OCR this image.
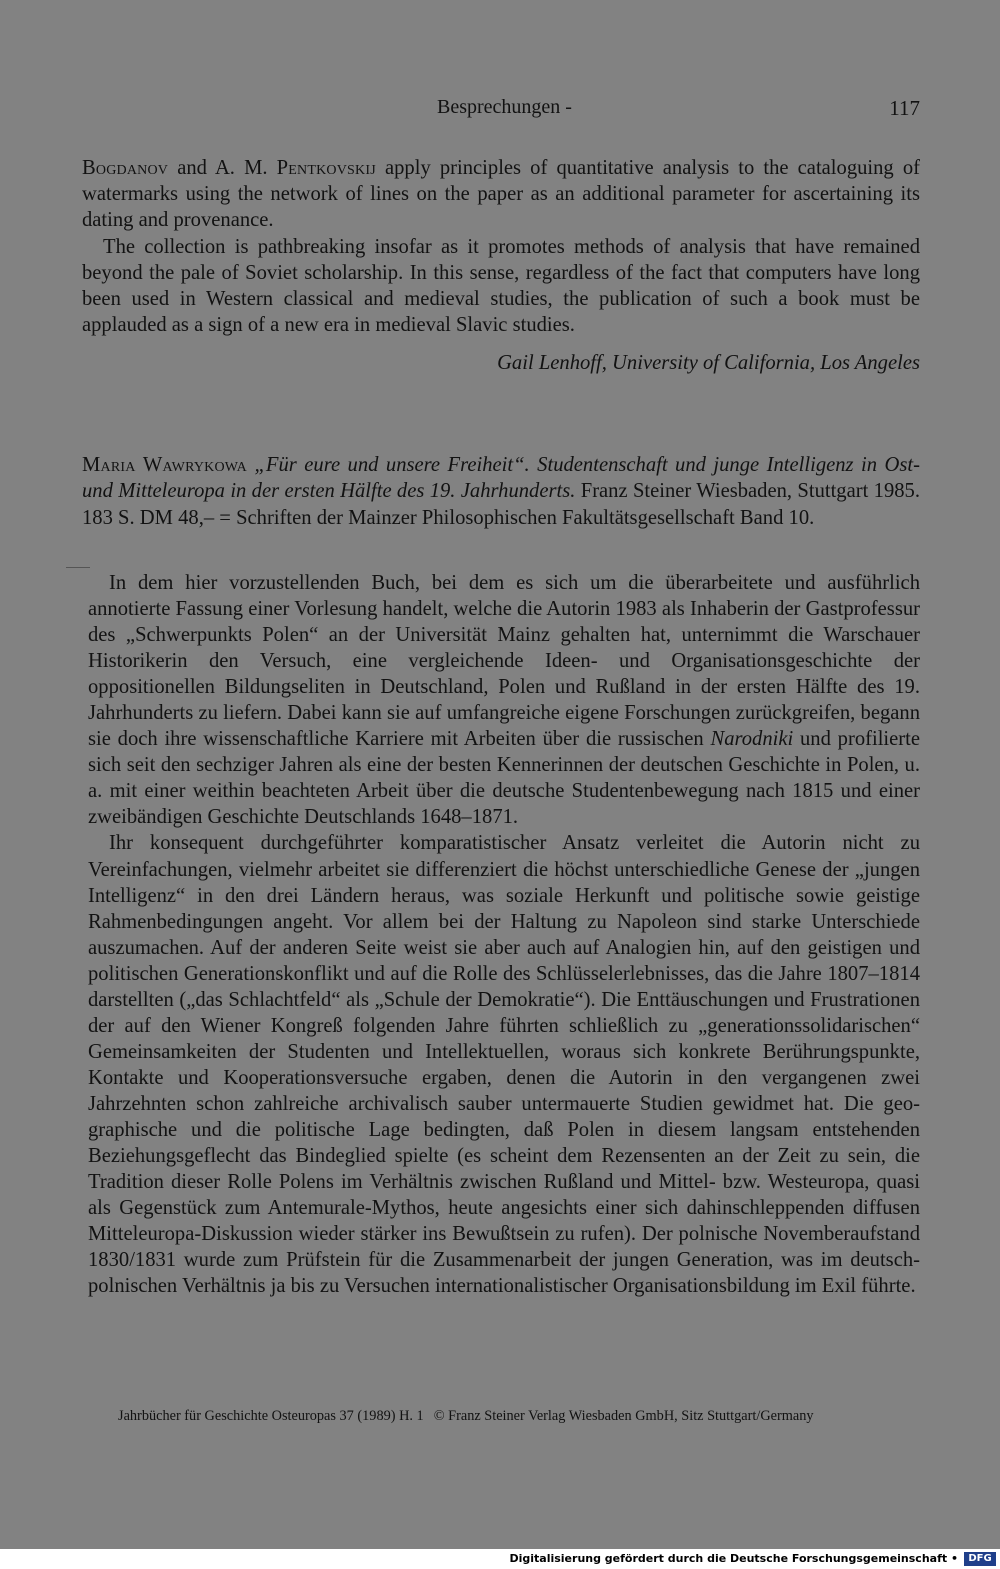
Besprechungen -	117

Bogdanov and A. M. Pentkovskij apply principles of quantitative analysis to the cataloguing of watermarks using the network of lines on the paper as an additional parameter for ascertaining its dating and provenance.

The collection is pathbreaking insofar as it promotes methods of analysis that have remained beyond the pale of Soviet scholarship. In this sense, regardless of the fact that computers have long been used in Western classical and medieval studies, the publication of such a book must be applauded as a sign of a new era in medieval Slavic studies.

Gail Lenhoff, University of California, Los Angeles
Maria Wawrykowa „Für eure und unsere Freiheit“. Studentenschaft und junge Intelligenz in Ost- und Mitteleuropa in der ersten Hälfte des 19. Jahrhunderts. Franz Steiner Wiesbaden, Stuttgart 1985. 183 S. DM 48,– = Schriften der Mainzer Philosophischen Fakultätsgesellschaft Band 10.

In dem hier vorzustellenden Buch, bei dem es sich um die überarbeitete und ausführlich annotierte Fassung einer Vorlesung handelt, welche die Autorin 1983 als Inhaberin der Gastprofessur des „Schwerpunkts Polen“ an der Universität Mainz gehalten hat, unternimmt die Warschauer Historikerin den Versuch, eine vergleichende Ideen- und Organisationsgeschichte der oppositionellen Bildungseliten in Deutschland, Polen und Rußland in der ersten Hälfte des 19. Jahrhunderts zu liefern. Dabei kann sie auf umfangreiche eigene Forschungen zurückgreifen, begann sie doch ihre wissenschaftliche Karriere mit Arbeiten über die russischen Narodniki und profilierte sich seit den sechziger Jahren als eine der besten Kennerinnen der deutschen Geschichte in Polen, u. a. mit einer weithin beachteten Arbeit über die deutsche Studentenbewegung nach 1815 und einer zweibändigen Geschichte Deutschlands 1648–1871.

Ihr konsequent durchgeführter komparatistischer Ansatz verleitet die Autorin nicht zu Vereinfachungen, vielmehr arbeitet sie differenziert die höchst unterschiedliche Genese der „jungen Intelligenz“ in den drei Ländern heraus, was soziale Herkunft und politische sowie geistige Rahmenbedingungen angeht. Vor allem bei der Haltung zu Napoleon sind starke Unterschiede auszumachen. Auf der anderen Seite weist sie aber auch auf Analogien hin, auf den geistigen und politischen Generationskonflikt und auf die Rolle des Schlüsselerlebnisses, das die Jahre 1807–1814 darstellten („das Schlachtfeld“ als „Schule der Demokratie“). Die Enttäuschungen und Frustrationen der auf den Wiener Kongreß folgenden Jahre führten schließlich zu „generationssolidarischen“ Gemeinsamkeiten der Studenten und Intellektuellen, woraus sich konkrete Berührungspunkte, Kontakte und Kooperationsversuche ergaben, denen die Autorin in den vergangenen zwei Jahrzehnten schon zahlreiche archivalisch sauber untermauerte Studien gewidmet hat. Die geographische und die politische Lage bedingten, daß Polen in diesem langsam entstehenden Beziehungsgeflecht das Bindeglied spielte (es scheint dem Rezensenten an der Zeit zu sein, die Tradition dieser Rolle Polens im Verhältnis zwischen Rußland und Mittel- bzw. Westeuropa, quasi als Gegenstück zum Antemurale-Mythos, heute angesichts einer sich dahinschleppenden diffusen Mitteleuropa-Diskussion wieder stärker ins Bewußtsein zu rufen). Der polnische Novemberaufstand 1830/1831 wurde zum Prüfstein für die Zusammenarbeit der jungen Generation, was im deutsch-polnischen Verhältnis ja bis zu Versuchen internationalistischer Organisationsbildung im Exil führte.

Jahrbücher für Geschichte Osteuropas 37 (1989) H. 1 © Franz Steiner Verlag Wiesbaden GmbH, Sitz Stuttgart/Germany
Digitalisierung gefördert durch die Deutsche Forschungsgemeinschaft •	DFG
